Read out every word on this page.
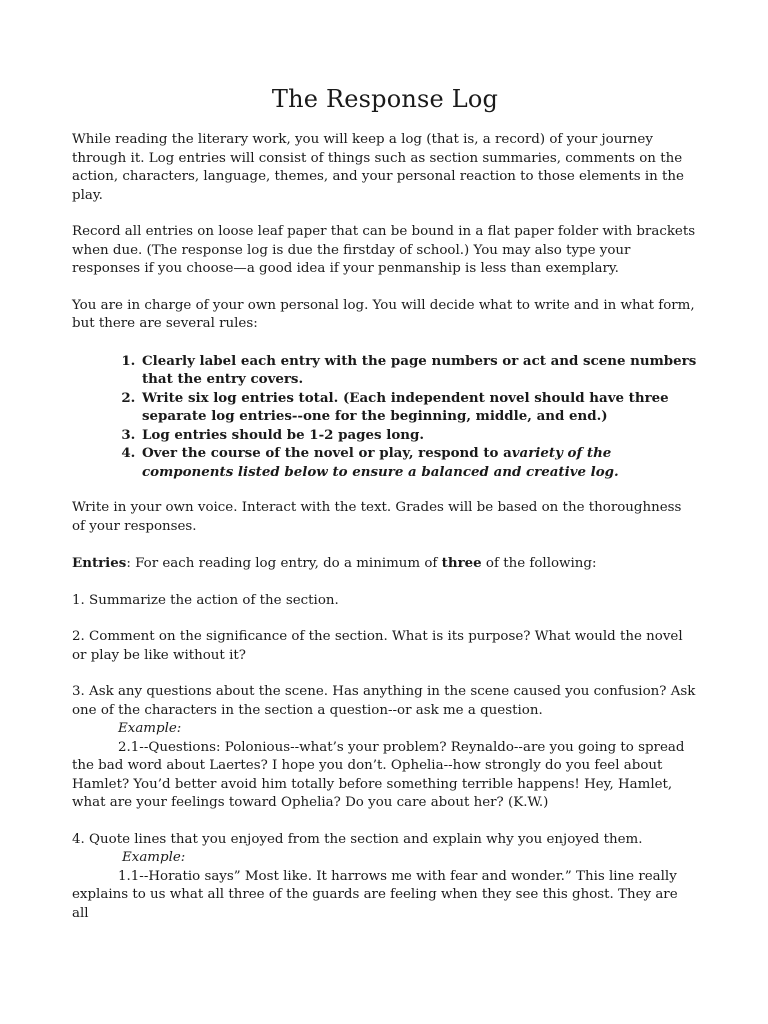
The Response Log

While reading the literary work, you will keep a log (that is, a record) of your journey through it. Log entries will consist of things such as section summaries, comments on the action, characters, language, themes, and your personal reaction to those elements in the play.

Record all entries on loose leaf paper that can be bound in a flat paper folder with brackets when due. (The response log is due the firstday of school.) You may also type your responses if you choose—a good idea if your penmanship is less than exemplary.

You are in charge of your own personal log. You will decide what to write and in what form, but there are several rules:

1. Clearly label each entry with the page numbers or act and scene numbers that the entry covers.
2. Write six log entries total. (Each independent novel should have three separate log entries--one for the beginning, middle, and end.)
3. Log entries should be 1-2 pages long.
4. Over the course of the novel or play, respond to avariety of the components listed below to ensure a balanced and creative log.

Write in your own voice. Interact with the text. Grades will be based on the thoroughness of your responses.

Entries: For each reading log entry, do a minimum of three of the following:

1. Summarize the action of the section.

2. Comment on the significance of the section. What is its purpose? What would the novel or play be like without it?

3. Ask any questions about the scene. Has anything in the scene caused you confusion? Ask one of the characters in the section a question--or ask me a question.
Example:
2.1--Questions: Polonious--what’s your problem? Reynaldo--are you going to spread the bad word about Laertes? I hope you don’t. Ophelia--how strongly do you feel about Hamlet? You’d better avoid him totally before something terrible happens! Hey, Hamlet, what are your feelings toward Ophelia? Do you care about her? (K.W.)
4. Quote lines that you enjoyed from the section and explain why you enjoyed them.
Example:
1.1--Horatio says” Most like. It harrows me with fear and wonder.” This line really explains to us what all three of the guards are feeling when they see this ghost. They are all
